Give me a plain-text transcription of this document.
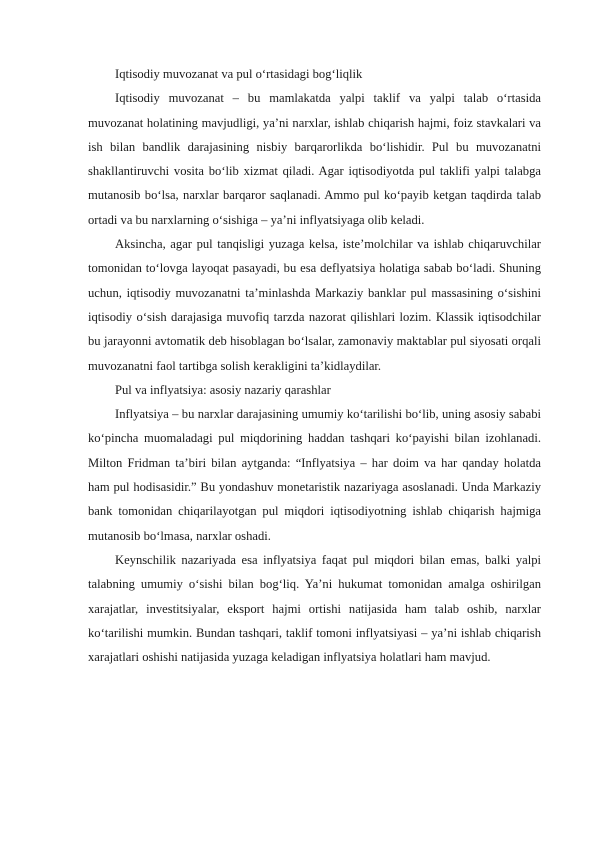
Iqtisodiy muvozanat va pul o‘rtasidagi bog‘liqlik

Iqtisodiy muvozanat – bu mamlakatda yalpi taklif va yalpi talab o‘rtasida muvozanat holatining mavjudligi, ya’ni narxlar, ishlab chiqarish hajmi, foiz stavkalari va ish bilan bandlik darajasining nisbiy barqarorlikda bo‘lishidir. Pul bu muvozanatni shakllantiruvchi vosita bo‘lib xizmat qiladi. Agar iqtisodiyotda pul taklifi yalpi talabga mutanosib bo‘lsa, narxlar barqaror saqlanadi. Ammo pul ko‘payib ketgan taqdirda talab ortadi va bu narxlarning o‘sishiga – ya’ni inflyatsiyaga olib keladi.

Aksincha, agar pul tanqisligi yuzaga kelsa, iste’molchilar va ishlab chiqaruvchilar tomonidan to‘lovga layoqat pasayadi, bu esa deflyatsiya holatiga sabab bo‘ladi. Shuning uchun, iqtisodiy muvozanatni ta’minlashda Markaziy banklar pul massasining o‘sishini iqtisodiy o‘sish darajasiga muvofiq tarzda nazorat qilishlari lozim. Klassik iqtisodchilar bu jarayonni avtomatik deb hisoblagan bo‘lsalar, zamonaviy maktablar pul siyosati orqali muvozanatni faol tartibga solish kerakligini ta’kidlaydilar.

Pul va inflyatsiya: asosiy nazariy qarashlar

Inflyatsiya – bu narxlar darajasining umumiy ko‘tarilishi bo‘lib, uning asosiy sababi ko‘pincha muomaladagi pul miqdorining haddan tashqari ko‘payishi bilan izohlanadi. Milton Fridman ta’biri bilan aytganda: “Inflyatsiya – har doim va har qanday holatda ham pul hodisasidir.” Bu yondashuv monetaristik nazariyaga asoslanadi. Unda Markaziy bank tomonidan chiqarilayotgan pul miqdori iqtisodiyotning ishlab chiqarish hajmiga mutanosib bo‘lmasa, narxlar oshadi.

Keynschilik nazariyada esa inflyatsiya faqat pul miqdori bilan emas, balki yalpi talabning umumiy o‘sishi bilan bog‘liq. Ya’ni hukumat tomonidan amalga oshirilgan xarajatlar, investitsiyalar, eksport hajmi ortishi natijasida ham talab oshib, narxlar ko‘tarilishi mumkin. Bundan tashqari, taklif tomoni inflyatsiyasi – ya’ni ishlab chiqarish xarajatlari oshishi natijasida yuzaga keladigan inflyatsiya holatlari ham mavjud.
